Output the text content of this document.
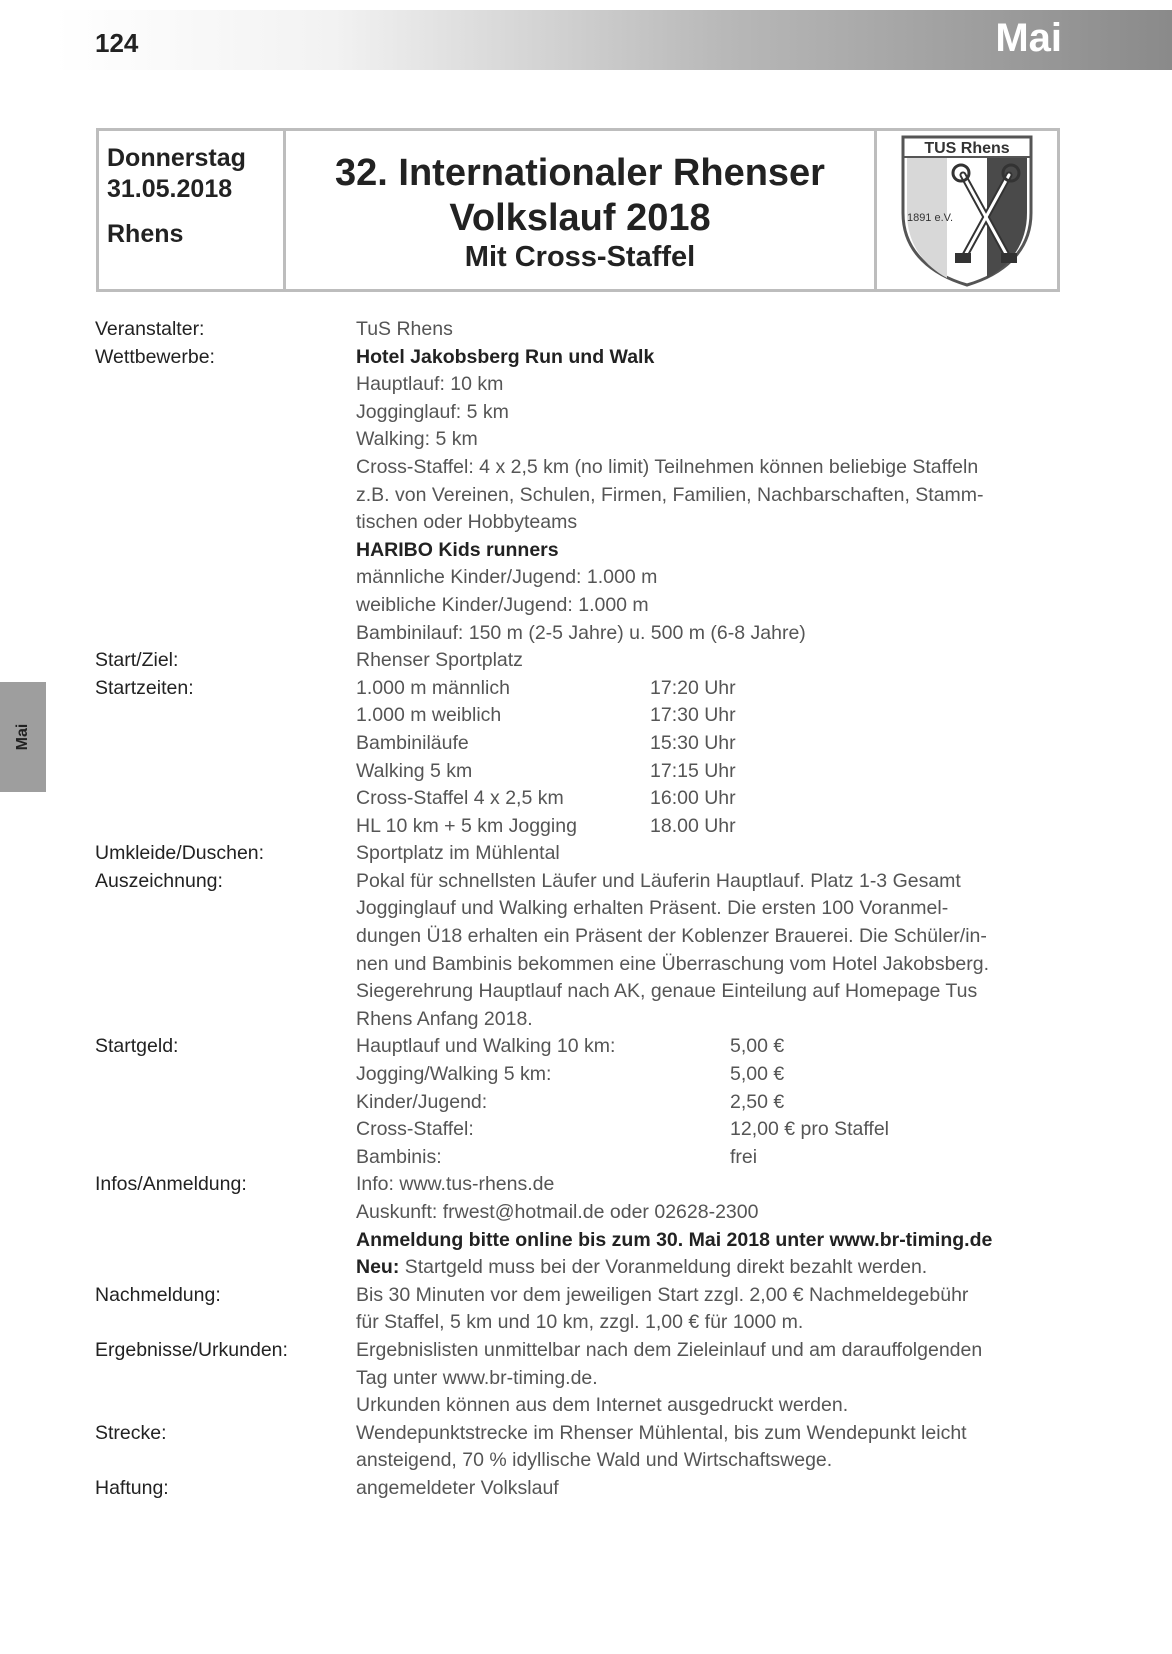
124	Mai
Mai
Donnerstag
31.05.2018
Rhens
32. Internationaler Rhenser
Volkslauf 2018
Mit Cross-Staffel
TUS Rhens
1891 e.V.
Veranstalter:	TuS Rhens
Wettbewerbe:	Hotel Jakobsberg Run und Walk
Hauptlauf: 10 km
Jogginglauf: 5 km
Walking: 5 km
Cross-Staffel: 4 x 2,5 km (no limit) Teilnehmen können beliebige Staffeln
z.B. von Vereinen, Schulen, Firmen, Familien, Nachbarschaften, Stamm-
tischen oder Hobbyteams
HARIBO Kids runners
männliche Kinder/Jugend: 1.000 m
weibliche Kinder/Jugend: 1.000 m
Bambinilauf: 150 m (2-5 Jahre) u. 500 m (6-8 Jahre)
Start/Ziel:	Rhenser Sportplatz
Startzeiten:	1.000 m männlich	17:20 Uhr
1.000 m weiblich	17:30 Uhr
Bambiniläufe	15:30 Uhr
Walking 5 km	17:15 Uhr
Cross-Staffel 4 x 2,5 km	16:00 Uhr
HL 10 km + 5 km Jogging	18.00 Uhr
Umkleide/Duschen:	Sportplatz im Mühlental
Auszeichnung:	Pokal für schnellsten Läufer und Läuferin Hauptlauf. Platz 1-3 Gesamt
Jogginglauf und Walking erhalten Präsent. Die ersten 100 Voranmel-
dungen Ü18 erhalten ein Präsent der Koblenzer Brauerei. Die Schüler/in-
nen und Bambinis bekommen eine Überraschung vom Hotel Jakobsberg.
Siegerehrung Hauptlauf nach AK, genaue Einteilung auf Homepage Tus
Rhens Anfang 2018.
Startgeld:	Hauptlauf und Walking 10 km:	5,00 €
Jogging/Walking 5 km:	5,00 €
Kinder/Jugend:	2,50 €
Cross-Staffel:	12,00 € pro Staffel
Bambinis:	frei
Infos/Anmeldung:	Info: www.tus-rhens.de
Auskunft: frwest@hotmail.de oder 02628-2300
Anmeldung bitte online bis zum 30. Mai 2018 unter www.br-timing.de
Neu: Startgeld muss bei der Voranmeldung direkt bezahlt werden.
Nachmeldung:	Bis 30 Minuten vor dem jeweiligen Start zzgl. 2,00 € Nachmeldegebühr
für Staffel, 5 km und 10 km, zzgl. 1,00 € für 1000 m.
Ergebnisse/Urkunden:	Ergebnislisten unmittelbar nach dem Zieleinlauf und am darauffolgenden
Tag unter www.br-timing.de.
Urkunden können aus dem Internet ausgedruckt werden.
Strecke:	Wendepunktstrecke im Rhenser Mühlental, bis zum Wendepunkt leicht
ansteigend, 70 % idyllische Wald und Wirtschaftswege.
Haftung:	angemeldeter Volkslauf
